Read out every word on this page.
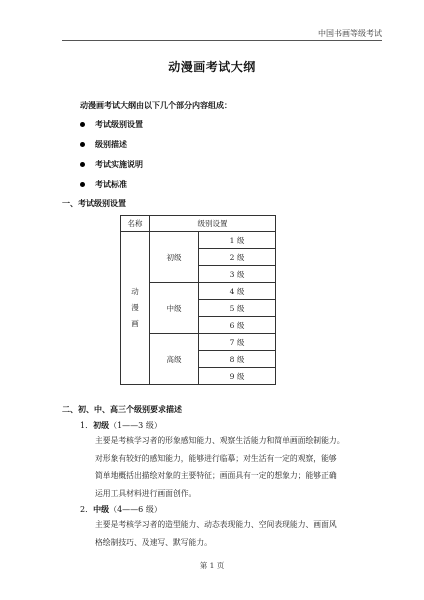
中国书画等级考试
动漫画考试大纲
动漫画考试大纲由以下几个部分内容组成：
考试级别设置
级别描述
考试实施说明
考试标准
一、考试级别设置
名称	级别设置	
动漫画	初级	1 级
		2 级
		3 级
	中级	4 级
		5 级
		6 级
	高级	7 级
		8 级
		9 级
二、初、中、高三个级别要求描述
1．初级（1——3 级）
主要是考核学习者的形象感知能力、观察生活能力和简单画面绘制能力。
对形象有较好的感知能力，能够进行临摹；对生活有一定的观察，能够
简单地概括出描绘对象的主要特征；画面具有一定的想象力；能够正确
运用工具材料进行画面创作。
2．中级（4——6 级）
主要是考核学习者的造型能力、动态表现能力、空间表现能力、画面风
格绘制技巧、及速写、默写能力。
第 1 页
